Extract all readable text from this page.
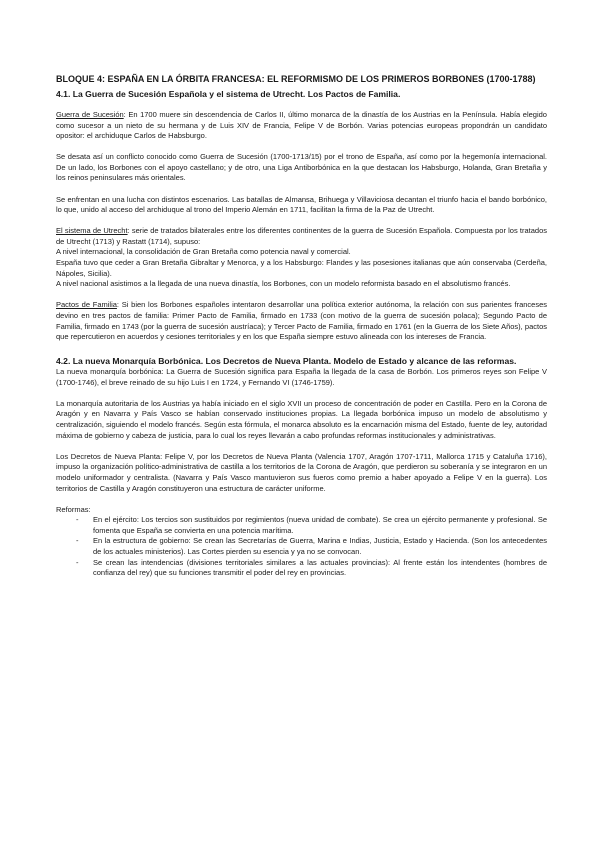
BLOQUE 4: ESPAÑA EN LA ÓRBITA FRANCESA: EL REFORMISMO DE LOS PRIMEROS BORBONES (1700-1788)
4.1. La Guerra de Sucesión Española y el sistema de Utrecht. Los Pactos de Familia.

Guerra de Sucesión: En 1700 muere sin descendencia de Carlos II, último monarca de la dinastía de los Austrias en la Península. Había elegido como sucesor a un nieto de su hermana y de Luis XIV de Francia, Felipe V de Borbón. Varias potencias europeas propondrán un candidato opositor: el archiduque Carlos de Habsburgo.

Se desata así un conflicto conocido como Guerra de Sucesión (1700-1713/15) por el trono de España, así como por la hegemonía internacional. De un lado, los Borbones con el apoyo castellano; y de otro, una Liga Antiborbónica en la que destacan los Habsburgo, Holanda, Gran Bretaña y los reinos peninsulares más orientales.

Se enfrentan en una lucha con distintos escenarios. Las batallas de Almansa, Brihuega y Villaviciosa decantan el triunfo hacia el bando borbónico, lo que, unido al acceso del archiduque al trono del Imperio Alemán en 1711, facilitan la firma de la Paz de Utrecht.

El sistema de Utrecht: serie de tratados bilaterales entre los diferentes continentes de la guerra de Sucesión Española. Compuesta por los tratados de Utrecht (1713) y Rastatt (1714), supuso:

A nivel internacional, la consolidación de Gran Bretaña como potencia naval y comercial.

España tuvo que ceder a Gran Bretaña Gibraltar y Menorca, y a los Habsburgo: Flandes y las posesiones italianas que aún conservaba (Cerdeña, Nápoles, Sicilia).

A nivel nacional asistimos a la llegada de una nueva dinastía, los Borbones, con un modelo reformista basado en el absolutismo francés.

Pactos de Familia: Si bien los Borbones españoles intentaron desarrollar una política exterior autónoma, la relación con sus parientes franceses devino en tres pactos de familia: Primer Pacto de Familia, firmado en 1733 (con motivo de la guerra de sucesión polaca); Segundo Pacto de Familia, firmado en 1743 (por la guerra de sucesión austríaca); y Tercer Pacto de Familia, firmado en 1761 (en la Guerra de los Siete Años), pactos que repercutieron en acuerdos y cesiones territoriales y en los que España siempre estuvo alineada con los intereses de Francia.

4.2. La nueva Monarquía Borbónica. Los Decretos de Nueva Planta. Modelo de Estado y alcance de las reformas.

La nueva monarquía borbónica: La Guerra de Sucesión significa para España la llegada de la casa de Borbón. Los primeros reyes son Felipe V (1700-1746), el breve reinado de su hijo Luis I en 1724, y Fernando VI (1746-1759).

La monarquía autoritaria de los Austrias ya había iniciado en el siglo XVII un proceso de concentración de poder en Castilla. Pero en la Corona de Aragón y en Navarra y País Vasco se habían conservado instituciones propias. La llegada borbónica impuso un modelo de absolutismo y centralización, siguiendo el modelo francés. Según esta fórmula, el monarca absoluto es la encarnación misma del Estado, fuente de ley, autoridad máxima de gobierno y cabeza de justicia, para lo cual los reyes llevarán a cabo profundas reformas institucionales y administrativas.

Los Decretos de Nueva Planta: Felipe V, por los Decretos de Nueva Planta (Valencia 1707, Aragón 1707-1711, Mallorca 1715 y Cataluña 1716), impuso la organización político-administrativa de castilla a los territorios de la Corona de Aragón, que perdieron su soberanía y se integraron en un modelo uniformador y centralista. (Navarra y País Vasco mantuvieron sus fueros como premio a haber apoyado a Felipe V en la guerra). Los territorios de Castilla y Aragón constituyeron una estructura de carácter uniforme.

Reformas:

- En el ejército: Los tercios son sustituidos por regimientos (nueva unidad de combate). Se crea un ejército permanente y profesional. Se fomenta que España se convierta en una potencia marítima.
- En la estructura de gobierno: Se crean las Secretarías de Guerra, Marina e Indias, Justicia, Estado y Hacienda. (Son los antecedentes de los actuales ministerios). Las Cortes pierden su esencia y ya no se convocan.
- Se crean las intendencias (divisiones territoriales similares a las actuales provincias): Al frente están los intendentes (hombres de confianza del rey) que su funciones transmitir el poder del rey en provincias.
